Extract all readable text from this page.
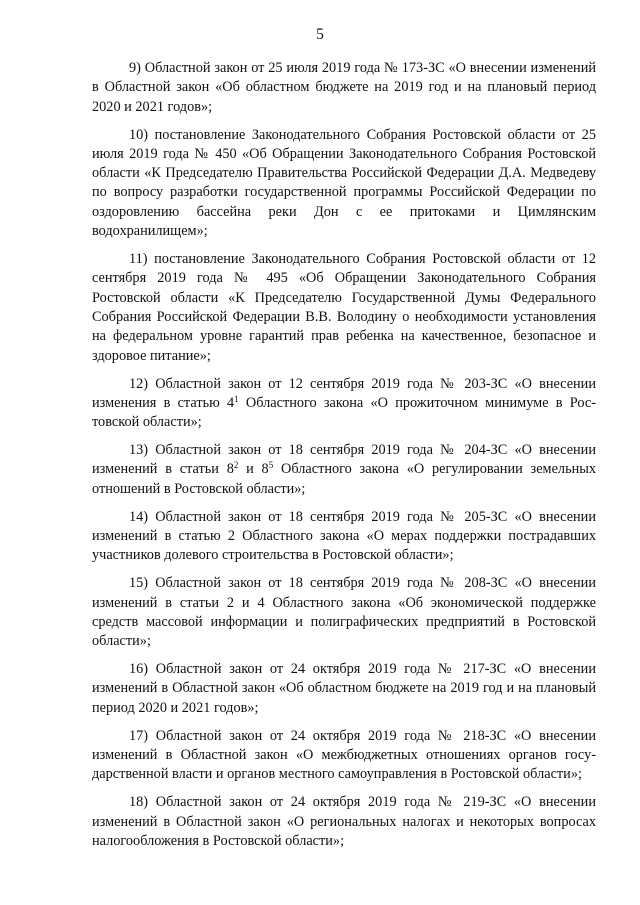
5

9) Областной закон от 25 июля 2019 года № 173-ЗС «О внесении изменений в Областной закон «Об областном бюджете на 2019 год и на плановый период 2020 и 2021 годов»;

10) постановление Законодательного Собрания Ростовской области от 25 июля 2019 года № 450 «Об Обращении Законодательного Собрания Ростовской области «К Председателю Правительства Российской Федерации Д.А. Медведеву по вопросу разработки государственной программы Российской Федерации по оздоровлению бассейна реки Дон с ее притоками и Цимлянским водохранилищем»;

11) постановление Законодательного Собрания Ростовской области от 12 сентября 2019 года № 495 «Об Обращении Законодательного Собрания Ростовской области «К Председателю Государственной Думы Федерального Собрания Российской Федерации В.В. Володину о необходимости установления на федеральном уровне гарантий прав ребенка на качественное, безопасное и здоровое питание»;

12) Областной закон от 12 сентября 2019 года № 203-ЗС «О внесении изменения в статью $4^1$ Областного закона «О прожиточном минимуме в Ростовской области»;

13) Областной закон от 18 сентября 2019 года № 204-ЗС «О внесении изменений в статьи $8^2$ и $8^5$ Областного закона «О регулировании земельных отношений в Ростовской области»;

14) Областной закон от 18 сентября 2019 года № 205-ЗС «О внесении изменений в статью 2 Областного закона «О мерах поддержки пострадавших участников долевого строительства в Ростовской области»;

15) Областной закон от 18 сентября 2019 года № 208-ЗС «О внесении изменений в статьи 2 и 4 Областного закона «Об экономической поддержке средств массовой информации и полиграфических предприятий в Ростовской области»;

16) Областной закон от 24 октября 2019 года № 217-ЗС «О внесении изменений в Областной закон «Об областном бюджете на 2019 год и на плановый период 2020 и 2021 годов»;

17) Областной закон от 24 октября 2019 года № 218-ЗС «О внесении изменений в Областной закон «О межбюджетных отношениях органов государственной власти и органов местного самоуправления в Ростовской области»;

18) Областной закон от 24 октября 2019 года № 219-ЗС «О внесении изменений в Областной закон «О региональных налогах и некоторых вопросах налогообложения в Ростовской области»;
